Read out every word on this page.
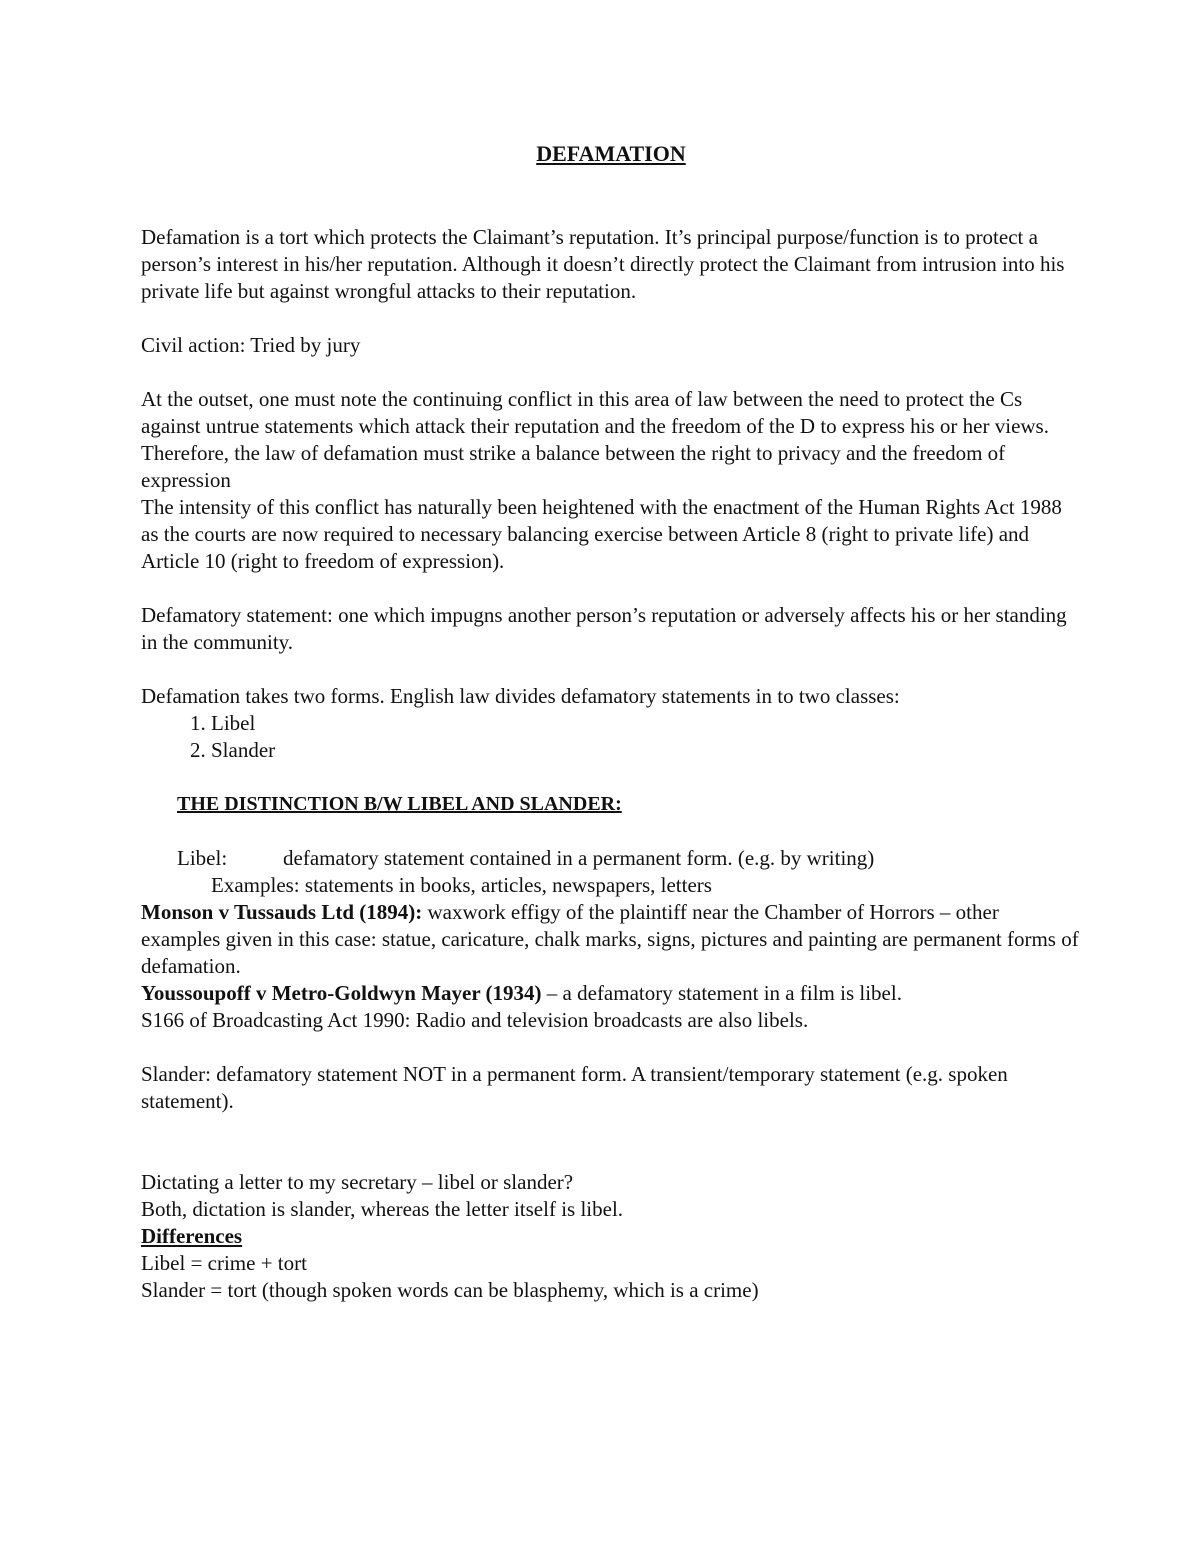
DEFAMATION

Defamation is a tort which protects the Claimant’s reputation. It’s principal purpose/function is to protect a person’s interest in his/her reputation. Although it doesn’t directly protect the Claimant from intrusion into his private life but against wrongful attacks to their reputation.

Civil action: Tried by jury

At the outset, one must note the continuing conflict in this area of law between the need to protect the Cs against untrue statements which attack their reputation and the freedom of the D to express his or her views.

Therefore, the law of defamation must strike a balance between the right to privacy and the freedom of expression

The intensity of this conflict has naturally been heightened with the enactment of the Human Rights Act 1988 as the courts are now required to necessary balancing exercise between Article 8 (right to private life) and Article 10 (right to freedom of expression).

Defamatory statement: one which impugns another person’s reputation or adversely affects his or her standing in the community.

Defamation takes two forms. English law divides defamatory statements in to two classes:

1. Libel
2. Slander

THE DISTINCTION B/W LIBEL AND SLANDER:

Libel:	defamatory statement contained in a permanent form. (e.g. by writing)

Examples: statements in books, articles, newspapers, letters

Monson v Tussauds Ltd (1894): waxwork effigy of the plaintiff near the Chamber of Horrors – other examples given in this case: statue, caricature, chalk marks, signs, pictures and painting are permanent forms of defamation.

Youssoupoff v Metro-Goldwyn Mayer (1934) – a defamatory statement in a film is libel.

S166 of Broadcasting Act 1990: Radio and television broadcasts are also libels.

Slander: defamatory statement NOT in a permanent form. A transient/temporary statement (e.g. spoken statement).

Dictating a letter to my secretary – libel or slander?

Both, dictation is slander, whereas the letter itself is libel.

Differences

Libel = crime + tort

Slander = tort (though spoken words can be blasphemy, which is a crime)
